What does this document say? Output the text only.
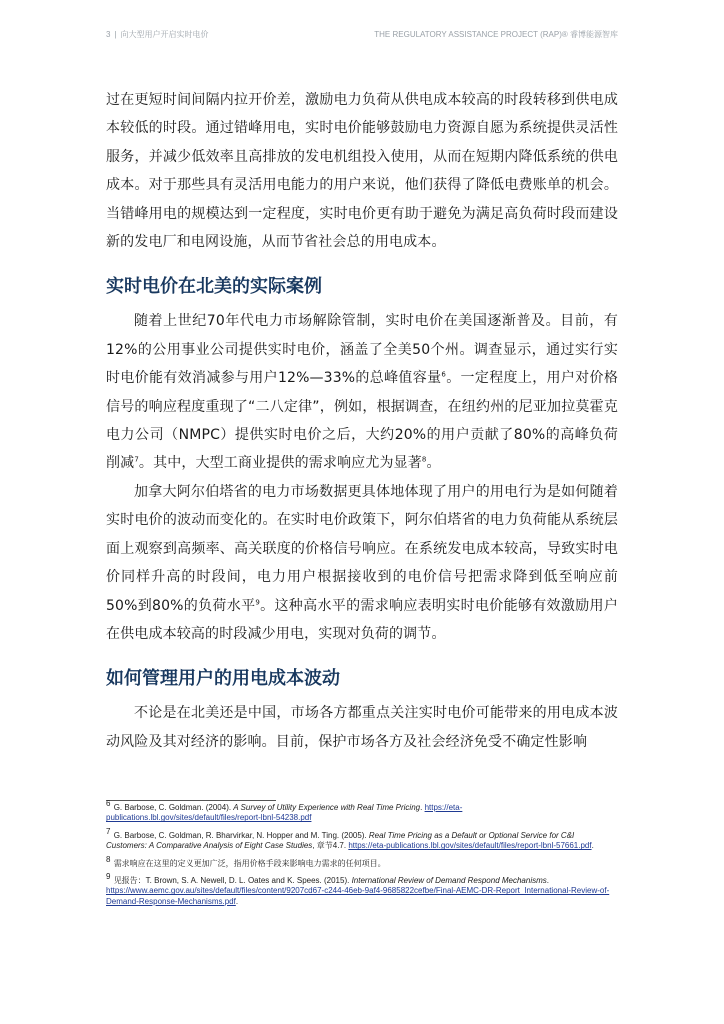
3 | 向大型用户开启实时电价	THE REGULATORY ASSISTANCE PROJECT (RAP)® 睿博能源智库

过在更短时间间隔内拉开价差，激励电力负荷从供电成本较高的时段转移到供电成本较低的时段。通过错峰用电，实时电价能够鼓励电力资源自愿为系统提供灵活性服务，并减少低效率且高排放的发电机组投入使用，从而在短期内降低系统的供电成本。对于那些具有灵活用电能力的用户来说，他们获得了降低电费账单的机会。当错峰用电的规模达到一定程度，实时电价更有助于避免为满足高负荷时段而建设新的发电厂和电网设施，从而节省社会总的用电成本。

实时电价在北美的实际案例

随着上世纪70年代电力市场解除管制，实时电价在美国逐渐普及。目前，有12%的公用事业公司提供实时电价，涵盖了全美50个州。调查显示，通过实行实时电价能有效消减参与用户12%—33%的总峰值容量$^6$。一定程度上，用户对价格信号的响应程度重现了“二八定律”，例如，根据调查，在纽约州的尼亚加拉莫霍克电力公司（NMPC）提供实时电价之后，大约20%的用户贡献了80%的高峰负荷削减$^7$。其中，大型工商业提供的需求响应尤为显著$^8$。

加拿大阿尔伯塔省的电力市场数据更具体地体现了用户的用电行为是如何随着实时电价的波动而变化的。在实时电价政策下，阿尔伯塔省的电力负荷能从系统层面上观察到高频率、高关联度的价格信号响应。在系统发电成本较高，导致实时电价同样升高的时段间，电力用户根据接收到的电价信号把需求降到低至响应前50%到80%的负荷水平$^9$。这种高水平的需求响应表明实时电价能够有效激励用户在供电成本较高的时段减少用电，实现对负荷的调节。

如何管理用户的用电成本波动

不论是在北美还是中国，市场各方都重点关注实时电价可能带来的用电成本波动风险及其对经济的影响。目前，保护市场各方及社会经济免受不确定性影响

6 G. Barbose, C. Goldman. (2004). A Survey of Utility Experience with Real Time Pricing. https://eta-publications.lbl.gov/sites/default/files/report-lbnl-54238.pdf

7 G. Barbose, C. Goldman, R. Bharvirkar, N. Hopper and M. Ting. (2005). Real Time Pricing as a Default or Optional Service for C&I Customers: A Comparative Analysis of Eight Case Studies, 章节4.7. https://eta-publications.lbl.gov/sites/default/files/report-lbnl-57661.pdf.

8 需求响应在这里的定义更加广泛，指用价格手段来影响电力需求的任何项目。

9 见报告：T. Brown, S. A. Newell, D. L. Oates and K. Spees. (2015). International Review of Demand Respond Mechanisms. https://www.aemc.gov.au/sites/default/files/content/9207cd67-c244-46eb-9af4-9685822cefbe/Final-AEMC-DR-Report_International-Review-of-Demand-Response-Mechanisms.pdf.
